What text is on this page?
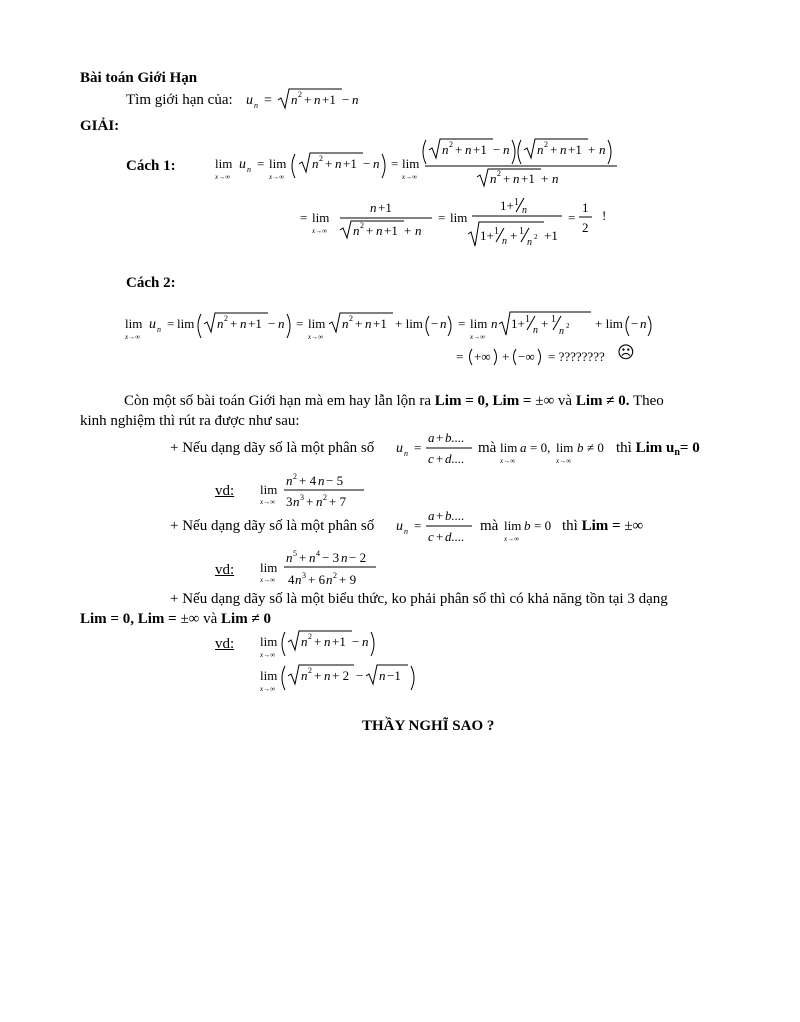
Bài toán Giới Hạn
Tìm giới hạn của: u n = n 2 + n +1 − n
GIẢI:
Cách 1:	lim
x→∞
u n = lim
x→∞
n 2 + n +1 − n = lim
x→∞
n 2 + n +1 − n n 2 + n +1 + n
n 2 + n +1 + n
= lim
x→∞
n +1
n 2 + n +1 + n
= lim
1+ 1
n
1+ 1
n + 1
n 2 +1
=
1
2
!
Cách 2:
lim
x→∞
u n = lim n 2 + n +1 − n = lim
x→∞
n 2 + n +1 + lim − n = lim
x→∞
n 1+ 1
n + 1
n 2 + lim − n
= +∞ + −∞ = ???????? ☹
Còn một số bài toán Giới hạn mà em hay lẫn lộn ra Lim = 0, Lim = ±∞ và Lim ≠ 0. Theo
kinh nghiệm thì rút ra được như sau:
+ Nếu dạng dãy số là một phân số u n =
a + b....
c + d....
mà lim
x→∞
a = 0, lim
x→∞
b ≠ 0 thì Lim $u_n= 0$
vd: lim
x→∞
n 2 + 4 n − 5
3 n 3 + n 2 + 7
+ Nếu dạng dãy số là một phân số u n =
a + b....
c + d....
mà lim
x→∞
b = 0 thì Lim = ±∞
vd: lim
x→∞
n 5 + n 4 − 3 n − 2
4 n 3 + 6 n 2 + 9
+ Nếu dạng dãy số là một biểu thức, ko phải phân số thì có khả năng tồn tại 3 dạng
Lim = 0, Lim = ±∞ và Lim ≠ 0
vd: lim
x→∞
n 2 + n +1 − n
lim
x→∞
n 2 + n + 2 − n −1
THẦY NGHĨ SAO ?
